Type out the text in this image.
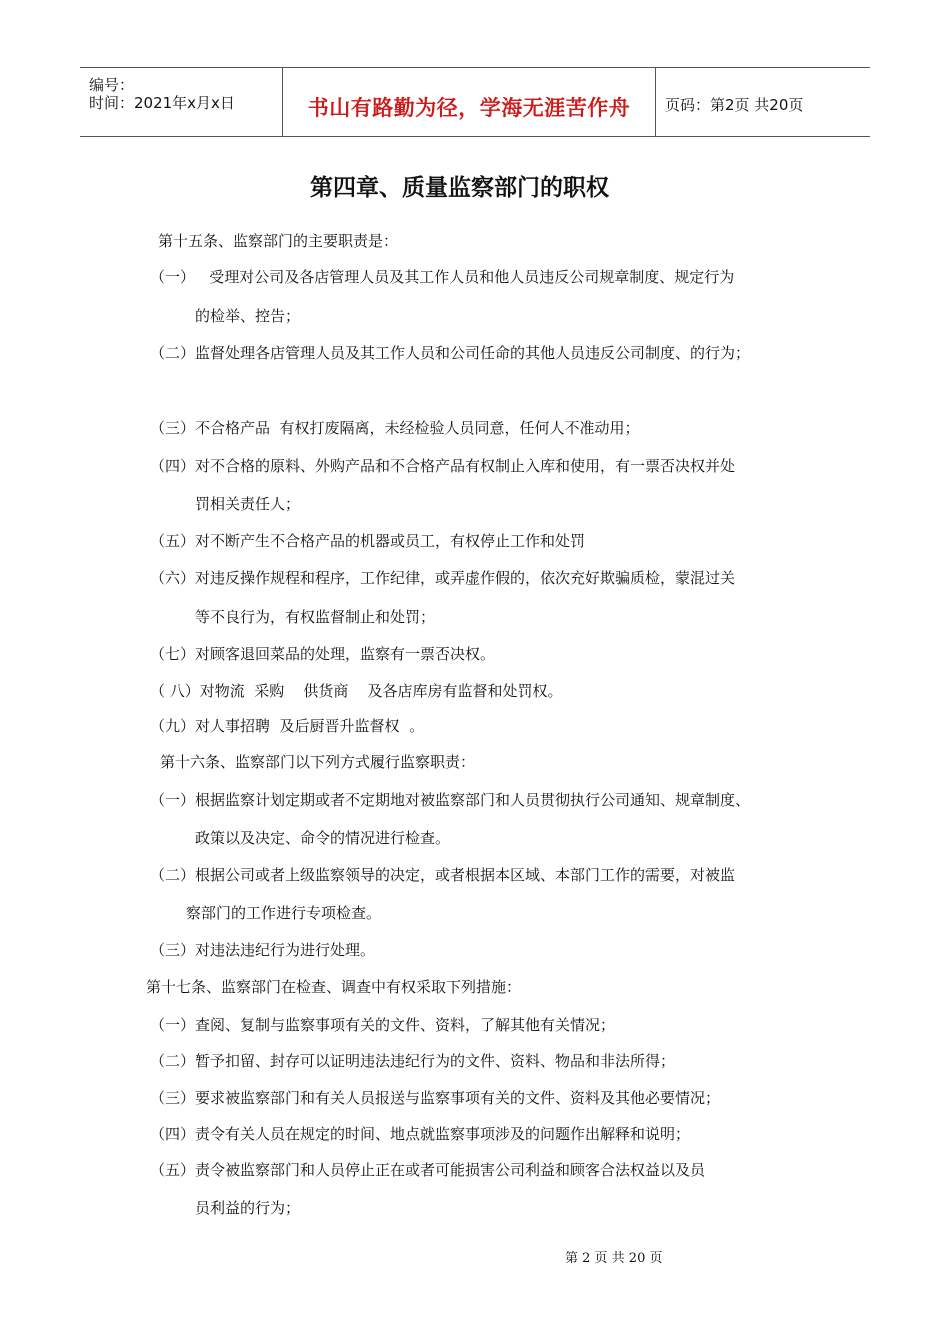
编号：
时间：2021年x月x日	书山有路勤为径，学海无涯苦作舟	页码：第2页 共20页
第四章、质量监察部门的职权
第十五条、监察部门的主要职责是：
（一）   受理对公司及各店管理人员及其工作人员和他人员违反公司规章制度、规定行为
的检举、控告；
（二）监督处理各店管理人员及其工作人员和公司任命的其他人员违反公司制度、的行为；
（三）不合格产品  有权打废隔离，未经检验人员同意，任何人不准动用；
（四）对不合格的原料、外购产品和不合格产品有权制止入库和使用，有一票否决权并处
罚相关责任人；
（五）对不断产生不合格产品的机器或员工，有权停止工作和处罚
（六）对违反操作规程和程序，工作纪律，或弄虚作假的，依次充好欺骗质检，蒙混过关
等不良行为，有权监督制止和处罚；
（七）对顾客退回菜品的处理，监察有一票否决权。
（ 八）对物流  采购    供货商    及各店库房有监督和处罚权。
（九）对人事招聘  及后厨晋升监督权  。
第十六条、监察部门以下列方式履行监察职责：
（一）根据监察计划定期或者不定期地对被监察部门和人员贯彻执行公司通知、规章制度、
政策以及决定、命令的情况进行检查。
（二）根据公司或者上级监察领导的决定，或者根据本区域、本部门工作的需要，对被监
察部门的工作进行专项检查。
（三）对违法违纪行为进行处理。
第十七条、监察部门在检查、调查中有权采取下列措施：
（一）查阅、复制与监察事项有关的文件、资料，了解其他有关情况；
（二）暂予扣留、封存可以证明违法违纪行为的文件、资料、物品和非法所得；
（三）要求被监察部门和有关人员报送与监察事项有关的文件、资料及其他必要情况；
（四）责令有关人员在规定的时间、地点就监察事项涉及的问题作出解释和说明；
（五）责令被监察部门和人员停止正在或者可能损害公司利益和顾客合法权益以及员
员利益的行为；
第 2 页 共 20 页
